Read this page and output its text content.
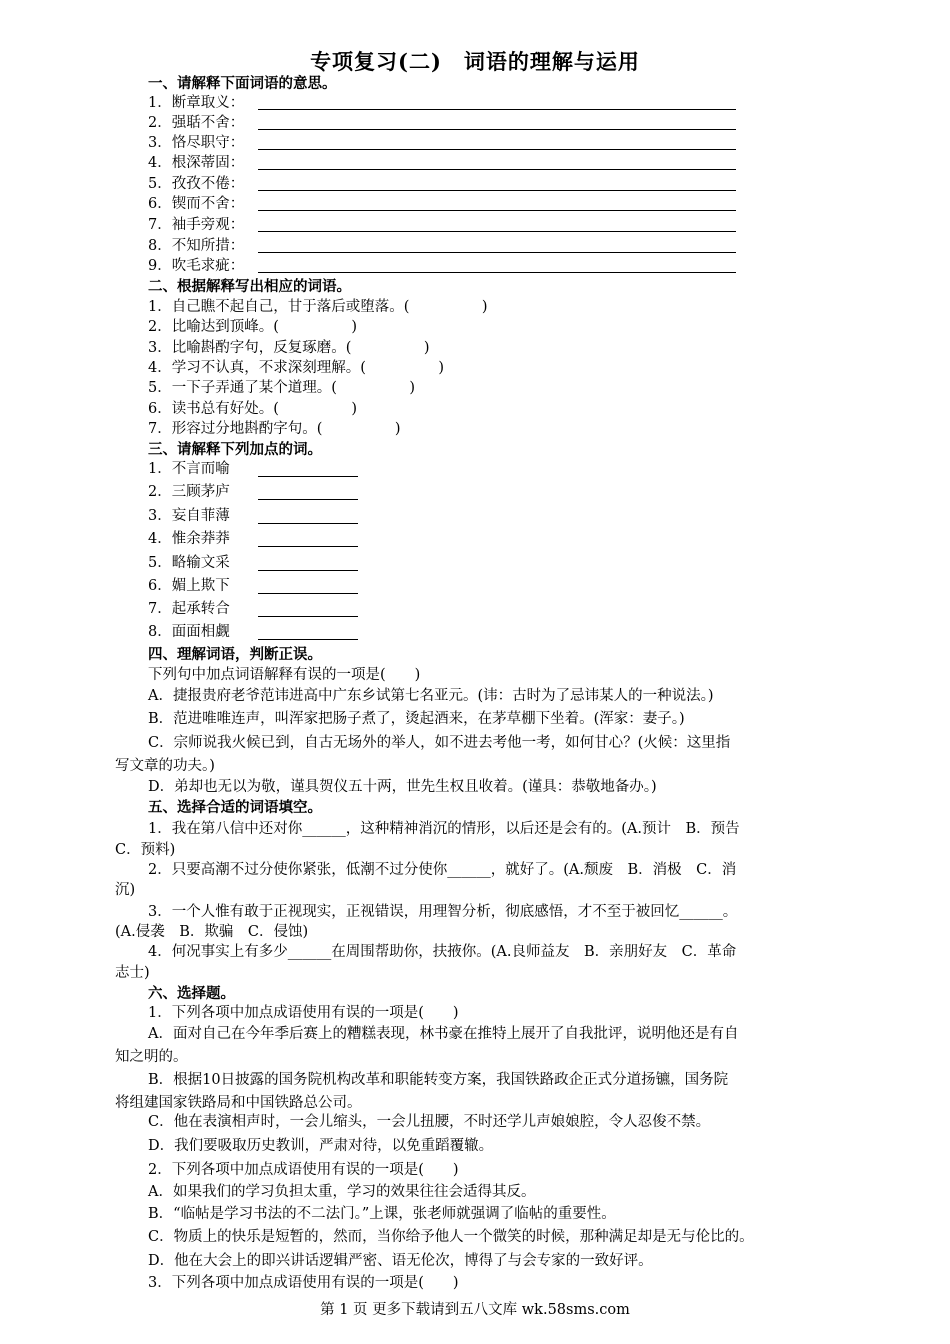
专项复习(二)　词语的理解与运用
一、请解释下面词语的意思。
1．断章取义：
2．强聒不舍：
3．恪尽职守：
4．根深蒂固：
5．孜孜不倦：
6．锲而不舍：
7．袖手旁观：
8．不知所措：
9．吹毛求疵：
二、根据解释写出相应的词语。
1．自己瞧不起自己，甘于落后或堕落。(　　　　　)
2．比喻达到顶峰。(　　　　　)
3．比喻斟酌字句，反复琢磨。(　　　　　)
4．学习不认真，不求深刻理解。(　　　　　)
5．一下子弄通了某个道理。(　　　　　)
6．读书总有好处。(　　　　　)
7．形容过分地斟酌字句。(　　　　　)
三、请解释下列加点的词。
1．不言而喻
2．三顾茅庐
3．妄自菲薄
4．惟余莽莽
5．略输文采
6．媚上欺下
7．起承转合
8．面面相觑
四、理解词语，判断正误。
下列句中加点词语解释有误的一项是(　　)
A．捷报贵府老爷范讳进高中广东乡试第七名亚元。(讳：古时为了忌讳某人的一种说法。)
B．范进唯唯连声，叫浑家把肠子煮了，烫起酒来，在茅草棚下坐着。(浑家：妻子。)
C．宗师说我火候已到，自古无场外的举人，如不进去考他一考，如何甘心？(火候：这里指
写文章的功夫。)
D．弟却也无以为敬，谨具贺仪五十两，世先生权且收着。(谨具：恭敬地备办。)
五、选择合适的词语填空。
1．我在第八信中还对你______，这种精神消沉的情形，以后还是会有的。(A.预计　B．预告
C．预料)
2．只要高潮不过分使你紧张，低潮不过分使你______，就好了。(A.颓废　B．消极　C．消
沉)
3．一个人惟有敢于正视现实，正视错误，用理智分析，彻底感悟，才不至于被回忆______。
(A.侵袭　B．欺骗　C．侵蚀)
4．何况事实上有多少______在周围帮助你，扶掖你。(A.良师益友　B．亲朋好友　C．革命
志士)
六、选择题。
1．下列各项中加点成语使用有误的一项是(　　)
A．面对自己在今年季后赛上的糟糕表现，林书豪在推特上展开了自我批评，说明他还是有自
知之明的。
B．根据10日披露的国务院机构改革和职能转变方案，我国铁路政企正式分道扬镳，国务院
将组建国家铁路局和中国铁路总公司。
C．他在表演相声时，一会儿缩头，一会儿扭腰，不时还学儿声娘娘腔，令人忍俊不禁。
D．我们要吸取历史教训，严肃对待，以免重蹈覆辙。
2．下列各项中加点成语使用有误的一项是(　　)
A．如果我们的学习负担太重，学习的效果往往会适得其反。
B．“临帖是学习书法的不二法门。”上课，张老师就强调了临帖的重要性。
C．物质上的快乐是短暂的，然而，当你给予他人一个微笑的时候，那种满足却是无与伦比的。
D．他在大会上的即兴讲话逻辑严密、语无伦次，博得了与会专家的一致好评。
3．下列各项中加点成语使用有误的一项是(　　)
第 1 页 更多下载请到五八文库 wk.58sms.com
